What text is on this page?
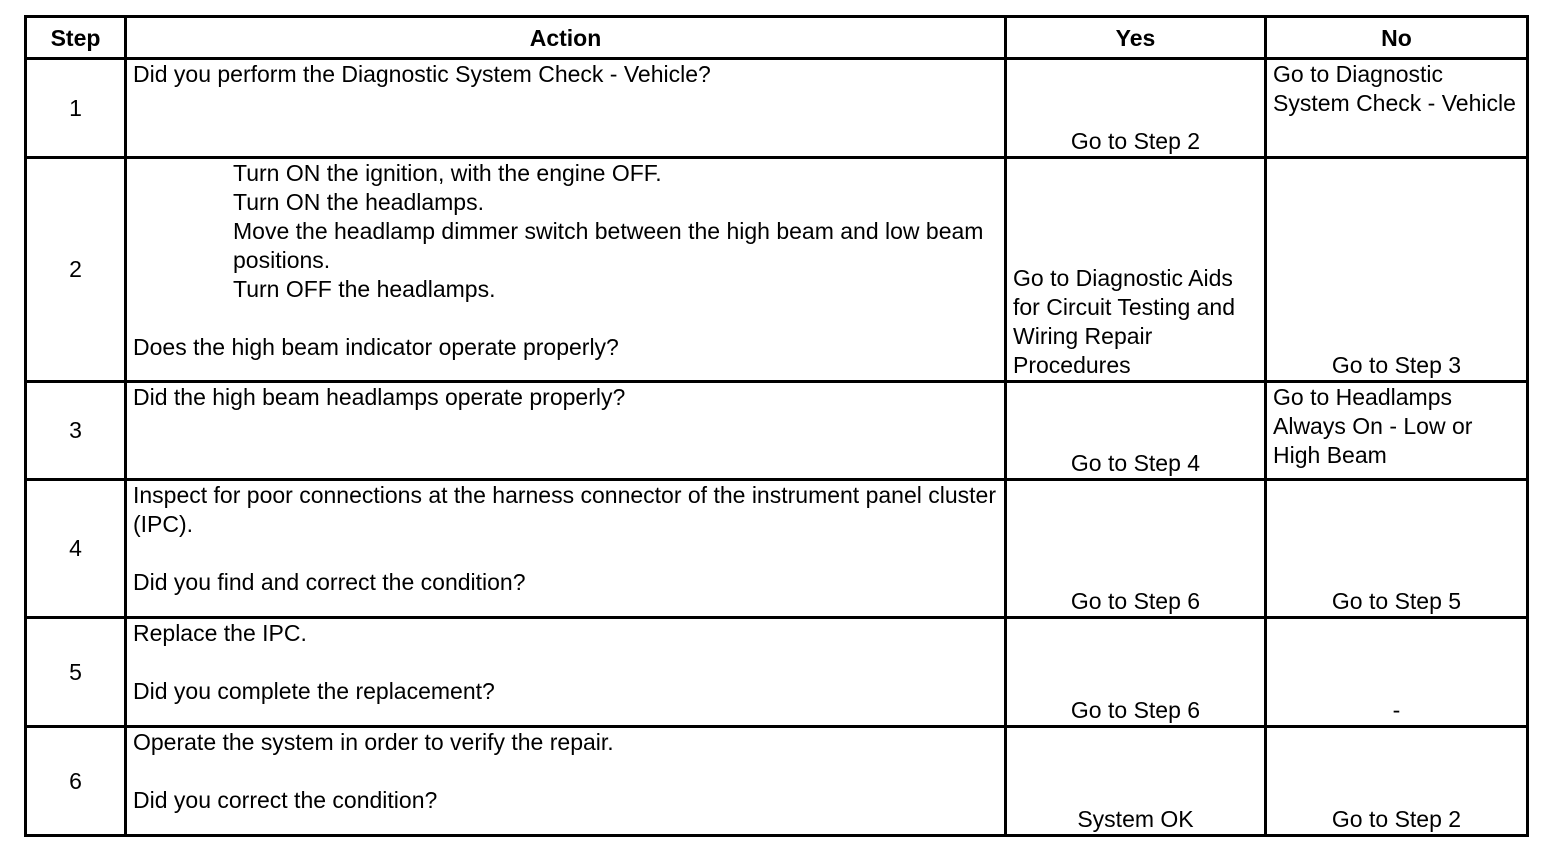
Step	Action	Yes	No
1	Did you perform the Diagnostic System Check - Vehicle?	Go to Step 2	Go to Diagnostic System Check - Vehicle
2	Turn ON the ignition, with the engine OFF.
Turn ON the headlamps.
Move the headlamp dimmer switch between the high beam and low beam positions.
Turn OFF the headlamps.
Does the high beam indicator operate properly?	Go to Diagnostic Aids for Circuit Testing and Wiring Repair Procedures	Go to Step 3
3	Did the high beam headlamps operate properly?	Go to Step 4	Go to Headlamps Always On - Low or High Beam
4	Inspect for poor connections at the harness connector of the instrument panel cluster (IPC).
Did you find and correct the condition?	Go to Step 6	Go to Step 5
5	Replace the IPC.
Did you complete the replacement?	Go to Step 6	-
6	Operate the system in order to verify the repair.
Did you correct the condition?	System OK	Go to Step 2
